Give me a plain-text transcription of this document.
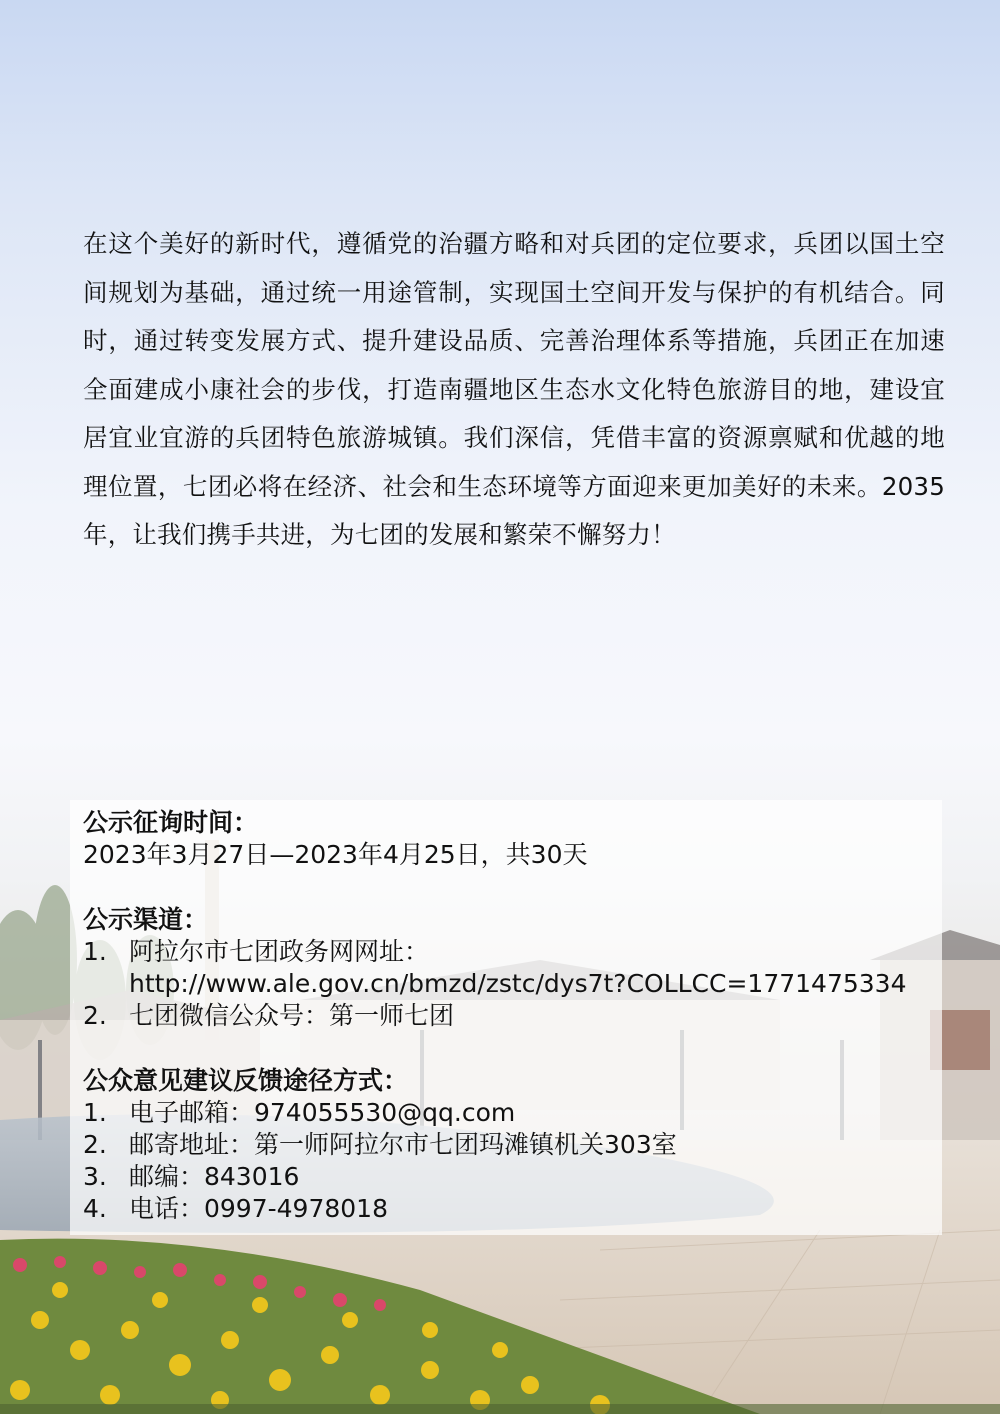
在这个美好的新时代，遵循党的治疆方略和对兵团的定位要求，兵团以国土空间规划为基础，通过统一用途管制，实现国土空间开发与保护的有机结合。同时，通过转变发展方式、提升建设品质、完善治理体系等措施，兵团正在加速全面建成小康社会的步伐，打造南疆地区生态水文化特色旅游目的地，建设宜居宜业宜游的兵团特色旅游城镇。我们深信，凭借丰富的资源禀赋和优越的地理位置，七团必将在经济、社会和生态环境等方面迎来更加美好的未来。2035年，让我们携手共进，为七团的发展和繁荣不懈努力！

公示征询时间：
2023年3月27日—2023年4月25日，共30天
公示渠道：
1. 阿拉尔市七团政务网网址：
http://www.ale.gov.cn/bmzd/zstc/dys7t?COLLCC=1771475334
2. 七团微信公众号：第一师七团
公众意见建议反馈途径方式：
1. 电子邮箱：974055530@qq.com
2. 邮寄地址：第一师阿拉尔市七团玛滩镇机关303室
3. 邮编：843016
4. 电话：0997-4978018
